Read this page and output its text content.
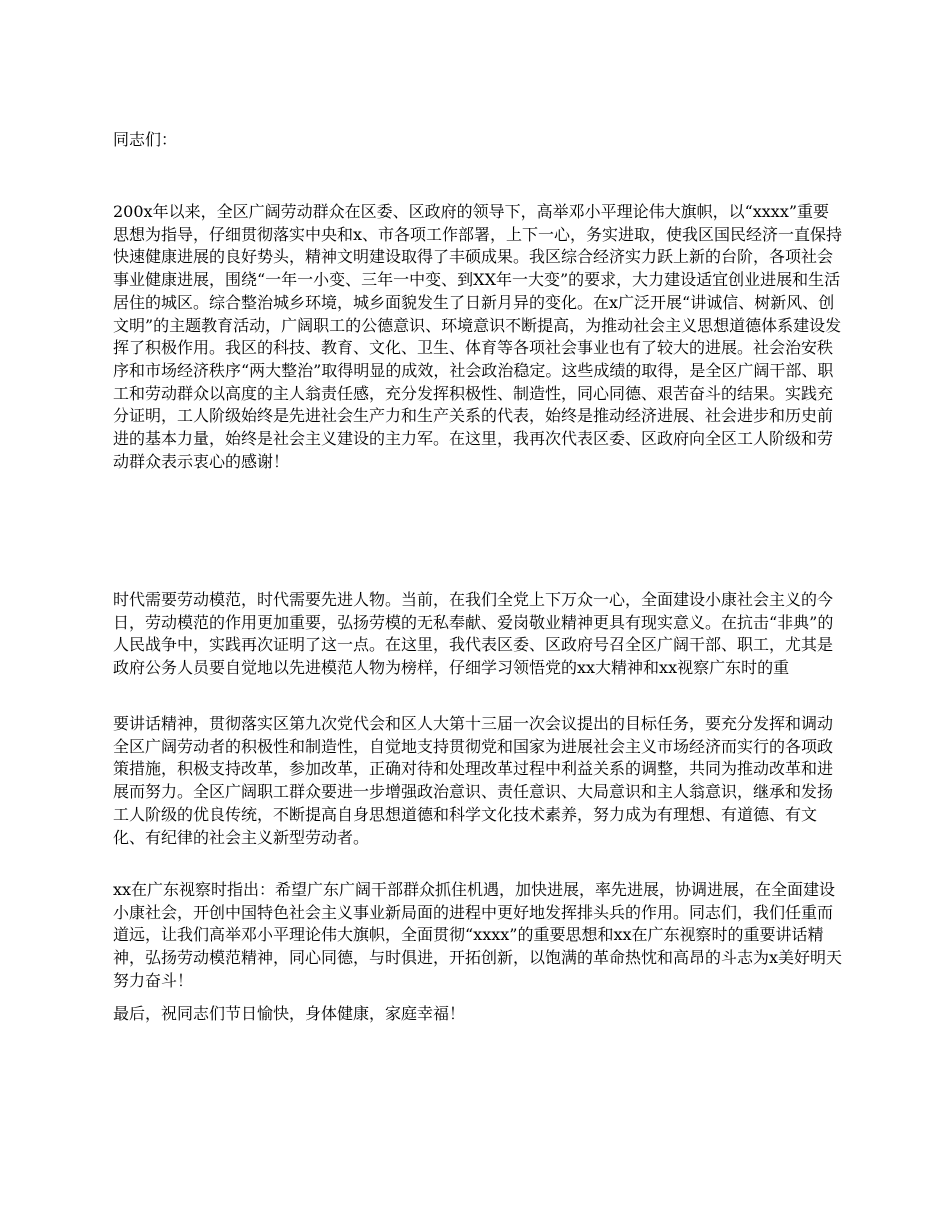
同志们：

200x年以来，全区广阔劳动群众在区委、区政府的领导下，高举邓小平理论伟大旗帜，以“xxxx”重要思想为指导，仔细贯彻落实中央和x、市各项工作部署，上下一心，务实进取，使我区国民经济一直保持快速健康进展的良好势头，精神文明建设取得了丰硕成果。我区综合经济实力跃上新的台阶，各项社会事业健康进展，围绕“一年一小变、三年一中变、到XX年一大变”的要求，大力建设适宜创业进展和生活居住的城区。综合整治城乡环境，城乡面貌发生了日新月异的变化。在x广泛开展“讲诚信、树新风、创文明”的主题教育活动，广阔职工的公德意识、环境意识不断提高，为推动社会主义思想道德体系建设发挥了积极作用。我区的科技、教育、文化、卫生、体育等各项社会事业也有了较大的进展。社会治安秩序和市场经济秩序“两大整治”取得明显的成效，社会政治稳定。这些成绩的取得，是全区广阔干部、职工和劳动群众以高度的主人翁责任感，充分发挥积极性、制造性，同心同德、艰苦奋斗的结果。实践充分证明，工人阶级始终是先进社会生产力和生产关系的代表，始终是推动经济进展、社会进步和历史前进的基本力量，始终是社会主义建设的主力军。在这里，我再次代表区委、区政府向全区工人阶级和劳动群众表示衷心的感谢！

时代需要劳动模范，时代需要先进人物。当前，在我们全党上下万众一心，全面建设小康社会主义的今日，劳动模范的作用更加重要，弘扬劳模的无私奉献、爱岗敬业精神更具有现实意义。在抗击“非典”的人民战争中，实践再次证明了这一点。在这里，我代表区委、区政府号召全区广阔干部、职工，尤其是政府公务人员要自觉地以先进模范人物为榜样，仔细学习领悟党的xx大精神和xx视察广东时的重

要讲话精神，贯彻落实区第九次党代会和区人大第十三届一次会议提出的目标任务，要充分发挥和调动全区广阔劳动者的积极性和制造性，自觉地支持贯彻党和国家为进展社会主义市场经济而实行的各项政策措施，积极支持改革，参加改革，正确对待和处理改革过程中利益关系的调整，共同为推动改革和进展而努力。全区广阔职工群众要进一步增强政治意识、责任意识、大局意识和主人翁意识，继承和发扬工人阶级的优良传统，不断提高自身思想道德和科学文化技术素养，努力成为有理想、有道德、有文化、有纪律的社会主义新型劳动者。

xx在广东视察时指出：希望广东广阔干部群众抓住机遇，加快进展，率先进展，协调进展，在全面建设小康社会，开创中国特色社会主义事业新局面的进程中更好地发挥排头兵的作用。同志们，我们任重而道远，让我们高举邓小平理论伟大旗帜，全面贯彻“xxxx”的重要思想和xx在广东视察时的重要讲话精神，弘扬劳动模范精神，同心同德，与时俱进，开拓创新，以饱满的革命热忱和高昂的斗志为x美好明天努力奋斗！

最后，祝同志们节日愉快，身体健康，家庭幸福！
